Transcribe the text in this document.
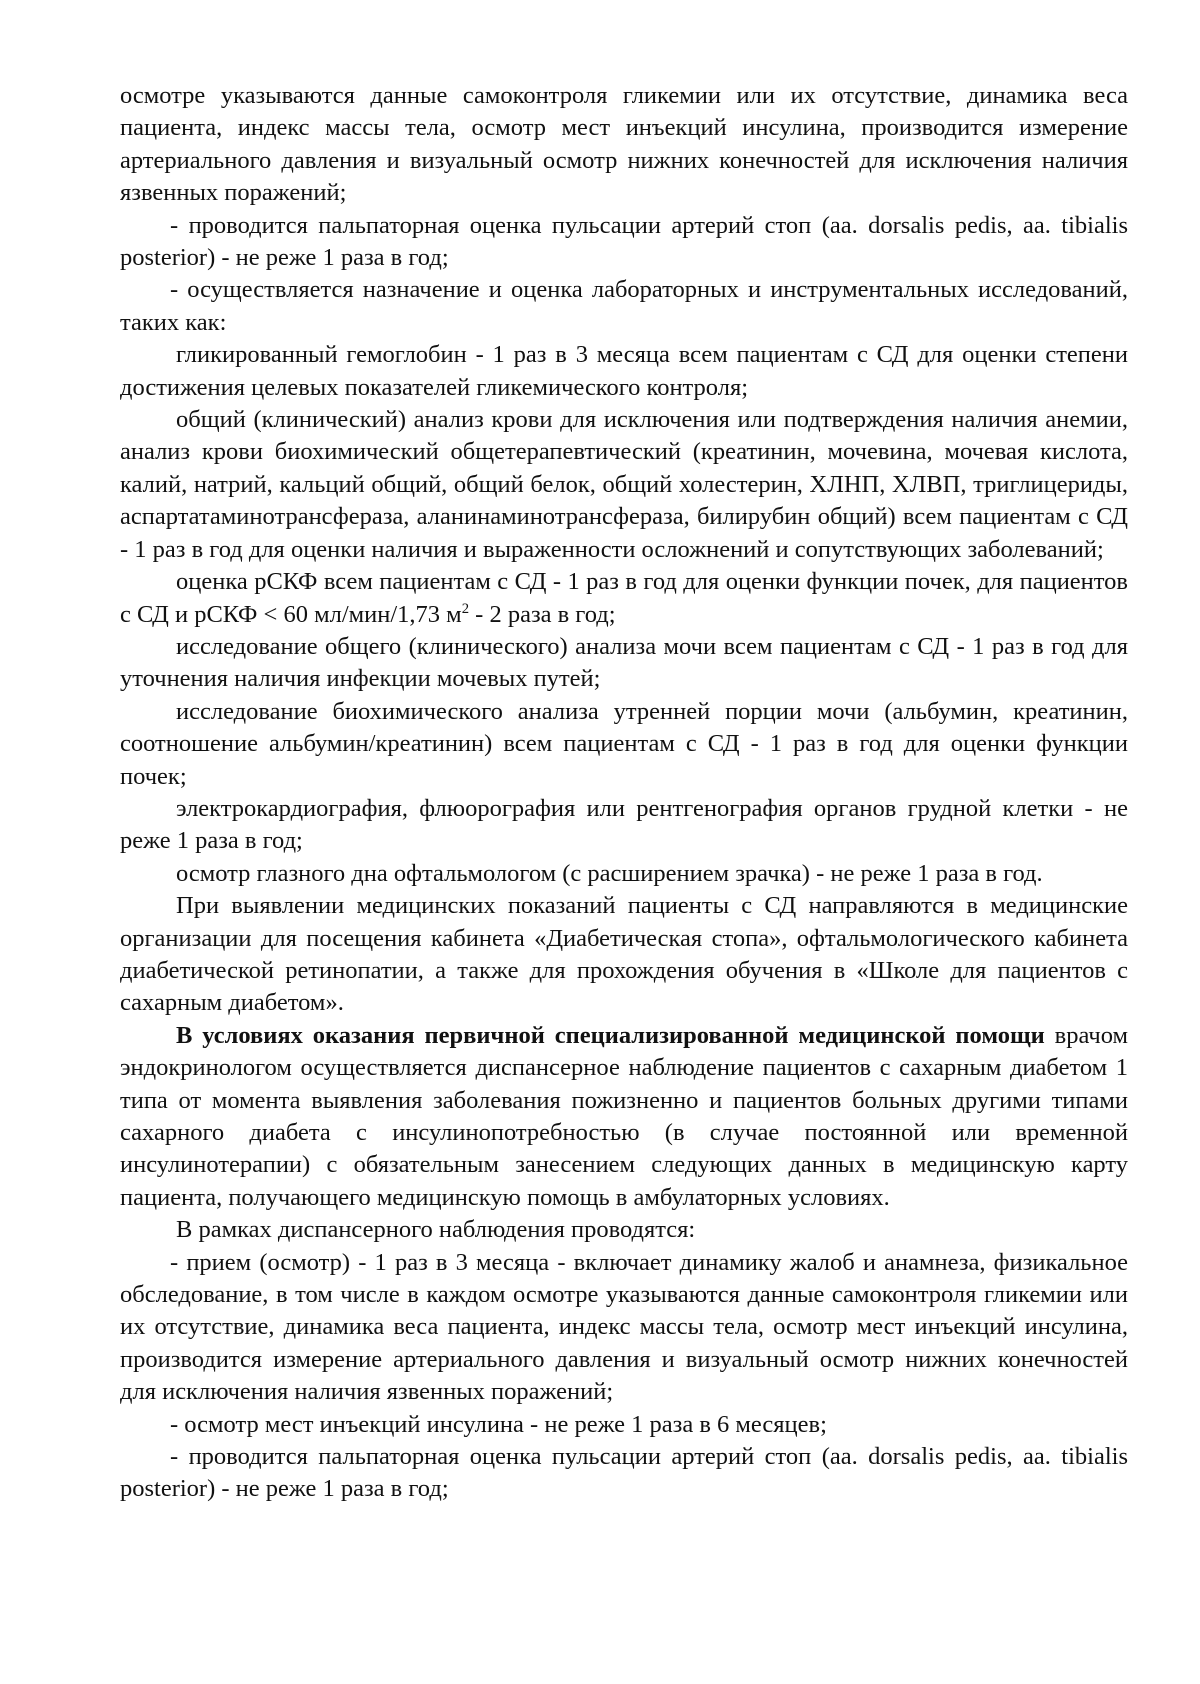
осмотре указываются данные самоконтроля гликемии или их отсутствие, динамика веса пациента, индекс массы тела, осмотр мест инъекций инсулина, производится измерение артериального давления и визуальный осмотр нижних конечностей для исключения наличия язвенных поражений;

- проводится пальпаторная оценка пульсации артерий стоп (aa. dorsalis pedis, aa. tibialis posterior) - не реже 1 раза в год;

- осуществляется назначение и оценка лабораторных и инструментальных исследований, таких как:

гликированный гемоглобин - 1 раз в 3 месяца всем пациентам с СД для оценки степени достижения целевых показателей гликемического контроля;

общий (клинический) анализ крови для исключения или подтверждения наличия анемии, анализ крови биохимический общетерапевтический (креатинин, мочевина, мочевая кислота, калий, натрий, кальций общий, общий белок, общий холестерин, ХЛНП, ХЛВП, триглицериды, аспартатаминотрансфераза, аланинаминотрансфераза, билирубин общий) всем пациентам с СД - 1 раз в год для оценки наличия и выраженности осложнений и сопутствующих заболеваний;

оценка рСКФ всем пациентам с СД - 1 раз в год для оценки функции почек, для пациентов с СД и рСКФ < 60 мл/мин/1,73 $м^2 - 2$ раза в год;

исследование общего (клинического) анализа мочи всем пациентам с СД - 1 раз в год для уточнения наличия инфекции мочевых путей;

исследование биохимического анализа утренней порции мочи (альбумин, креатинин, соотношение альбумин/креатинин) всем пациентам с СД - 1 раз в год для оценки функции почек;

электрокардиография, флюорография или рентгенография органов грудной клетки - не реже 1 раза в год;

осмотр глазного дна офтальмологом (с расширением зрачка) - не реже 1 раза в год.

При выявлении медицинских показаний пациенты с СД направляются в медицинские организации для посещения кабинета «Диабетическая стопа», офтальмологического кабинета диабетической ретинопатии, а также для прохождения обучения в «Школе для пациентов с сахарным диабетом».

В условиях оказания первичной специализированной медицинской помощи врачом эндокринологом осуществляется диспансерное наблюдение пациентов с сахарным диабетом 1 типа от момента выявления заболевания пожизненно и пациентов больных другими типами сахарного диабета с инсулинопотребностью (в случае постоянной или временной инсулинотерапии) с обязательным занесением следующих данных в медицинскую карту пациента, получающего медицинскую помощь в амбулаторных условиях.

В рамках диспансерного наблюдения проводятся:

- прием (осмотр) - 1 раз в 3 месяца - включает динамику жалоб и анамнеза, физикальное обследование, в том числе в каждом осмотре указываются данные самоконтроля гликемии или их отсутствие, динамика веса пациента, индекс массы тела, осмотр мест инъекций инсулина, производится измерение артериального давления и визуальный осмотр нижних конечностей для исключения наличия язвенных поражений;

- осмотр мест инъекций инсулина - не реже 1 раза в 6 месяцев;

- проводится пальпаторная оценка пульсации артерий стоп (aa. dorsalis pedis, aa. tibialis posterior) - не реже 1 раза в год;
